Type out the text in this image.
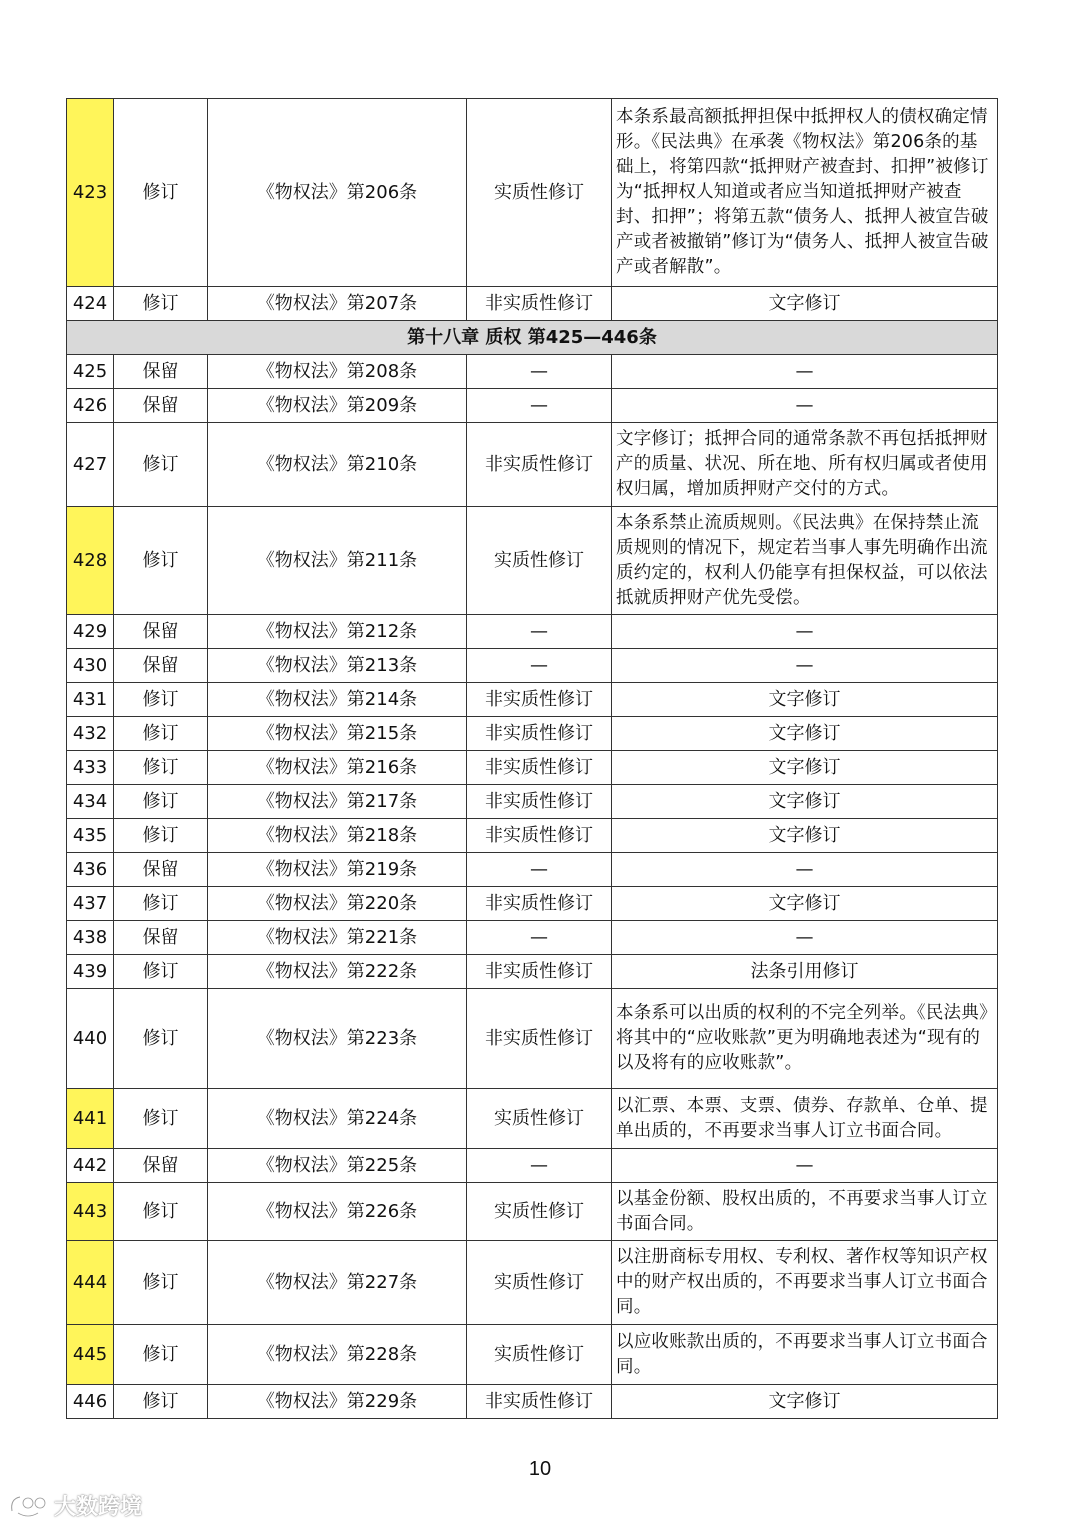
423	修订	《物权法》第206条	实质性修订	本条系最高额抵押担保中抵押权人的债权确定情形。《民法典》在承袭《物权法》第206条的基础上，将第四款“抵押财产被查封、扣押”被修订为“抵押权人知道或者应当知道抵押财产被查封、扣押”；将第五款“债务人、抵押人被宣告破产或者被撤销”修订为“债务人、抵押人被宣告破产或者解散”。
424	修订	《物权法》第207条	非实质性修订	文字修订
第十八章 质权 第425—446条				
425	保留	《物权法》第208条	—	—
426	保留	《物权法》第209条	—	—
427	修订	《物权法》第210条	非实质性修订	文字修订；抵押合同的通常条款不再包括抵押财产的质量、状况、所在地、所有权归属或者使用权归属，增加质押财产交付的方式。
428	修订	《物权法》第211条	实质性修订	本条系禁止流质规则。《民法典》在保持禁止流质规则的情况下，规定若当事人事先明确作出流质约定的，权利人仍能享有担保权益，可以依法抵就质押财产优先受偿。
429	保留	《物权法》第212条	—	—
430	保留	《物权法》第213条	—	—
431	修订	《物权法》第214条	非实质性修订	文字修订
432	修订	《物权法》第215条	非实质性修订	文字修订
433	修订	《物权法》第216条	非实质性修订	文字修订
434	修订	《物权法》第217条	非实质性修订	文字修订
435	修订	《物权法》第218条	非实质性修订	文字修订
436	保留	《物权法》第219条	—	—
437	修订	《物权法》第220条	非实质性修订	文字修订
438	保留	《物权法》第221条	—	—
439	修订	《物权法》第222条	非实质性修订	法条引用修订
440	修订	《物权法》第223条	非实质性修订	本条系可以出质的权利的不完全列举。《民法典》将其中的“应收账款”更为明确地表述为“现有的以及将有的应收账款”。
441	修订	《物权法》第224条	实质性修订	以汇票、本票、支票、债券、存款单、仓单、提单出质的，不再要求当事人订立书面合同。
442	保留	《物权法》第225条	—	—
443	修订	《物权法》第226条	实质性修订	以基金份额、股权出质的，不再要求当事人订立书面合同。
444	修订	《物权法》第227条	实质性修订	以注册商标专用权、专利权、著作权等知识产权中的财产权出质的，不再要求当事人订立书面合同。
445	修订	《物权法》第228条	实质性修订	以应收账款出质的，不再要求当事人订立书面合同。
446	修订	《物权法》第229条	非实质性修订	文字修订
10
大数跨境
